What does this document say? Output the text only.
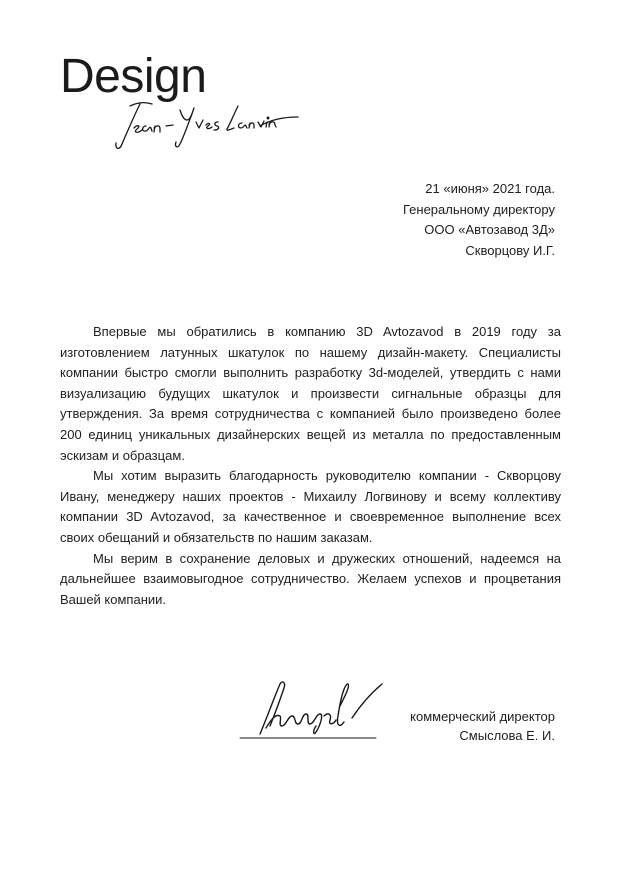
Design
21 «июня» 2021 года.
Генеральному директору
ООО «Автозавод 3Д»
Скворцову И.Г.

Впервые мы обратились в компанию 3D Avtozavod в 2019 году за изготовлением латунных шкатулок по нашему дизайн-макету. Специалисты компании быстро смогли выполнить разработку 3d-моделей, утвердить с нами визуализацию будущих шкатулок и произвести сигнальные образцы для утверждения. За время сотрудничества с компанией было произведено более 200 единиц уникальных дизайнерских вещей из металла по предоставленным эскизам и образцам.

Мы хотим выразить благодарность руководителю компании - Скворцову Ивану, менеджеру наших проектов - Михаилу Логвинову и всему коллективу компании 3D Avtozavod, за качественное и своевременное выполнение всех своих обещаний и обязательств по нашим заказам.

Мы верим в сохранение деловых и дружеских отношений, надеемся на дальнейшее взаимовыгодное сотрудничество. Желаем успехов и процветания Вашей компании.

коммерческий директор
Смыслова Е. И.
